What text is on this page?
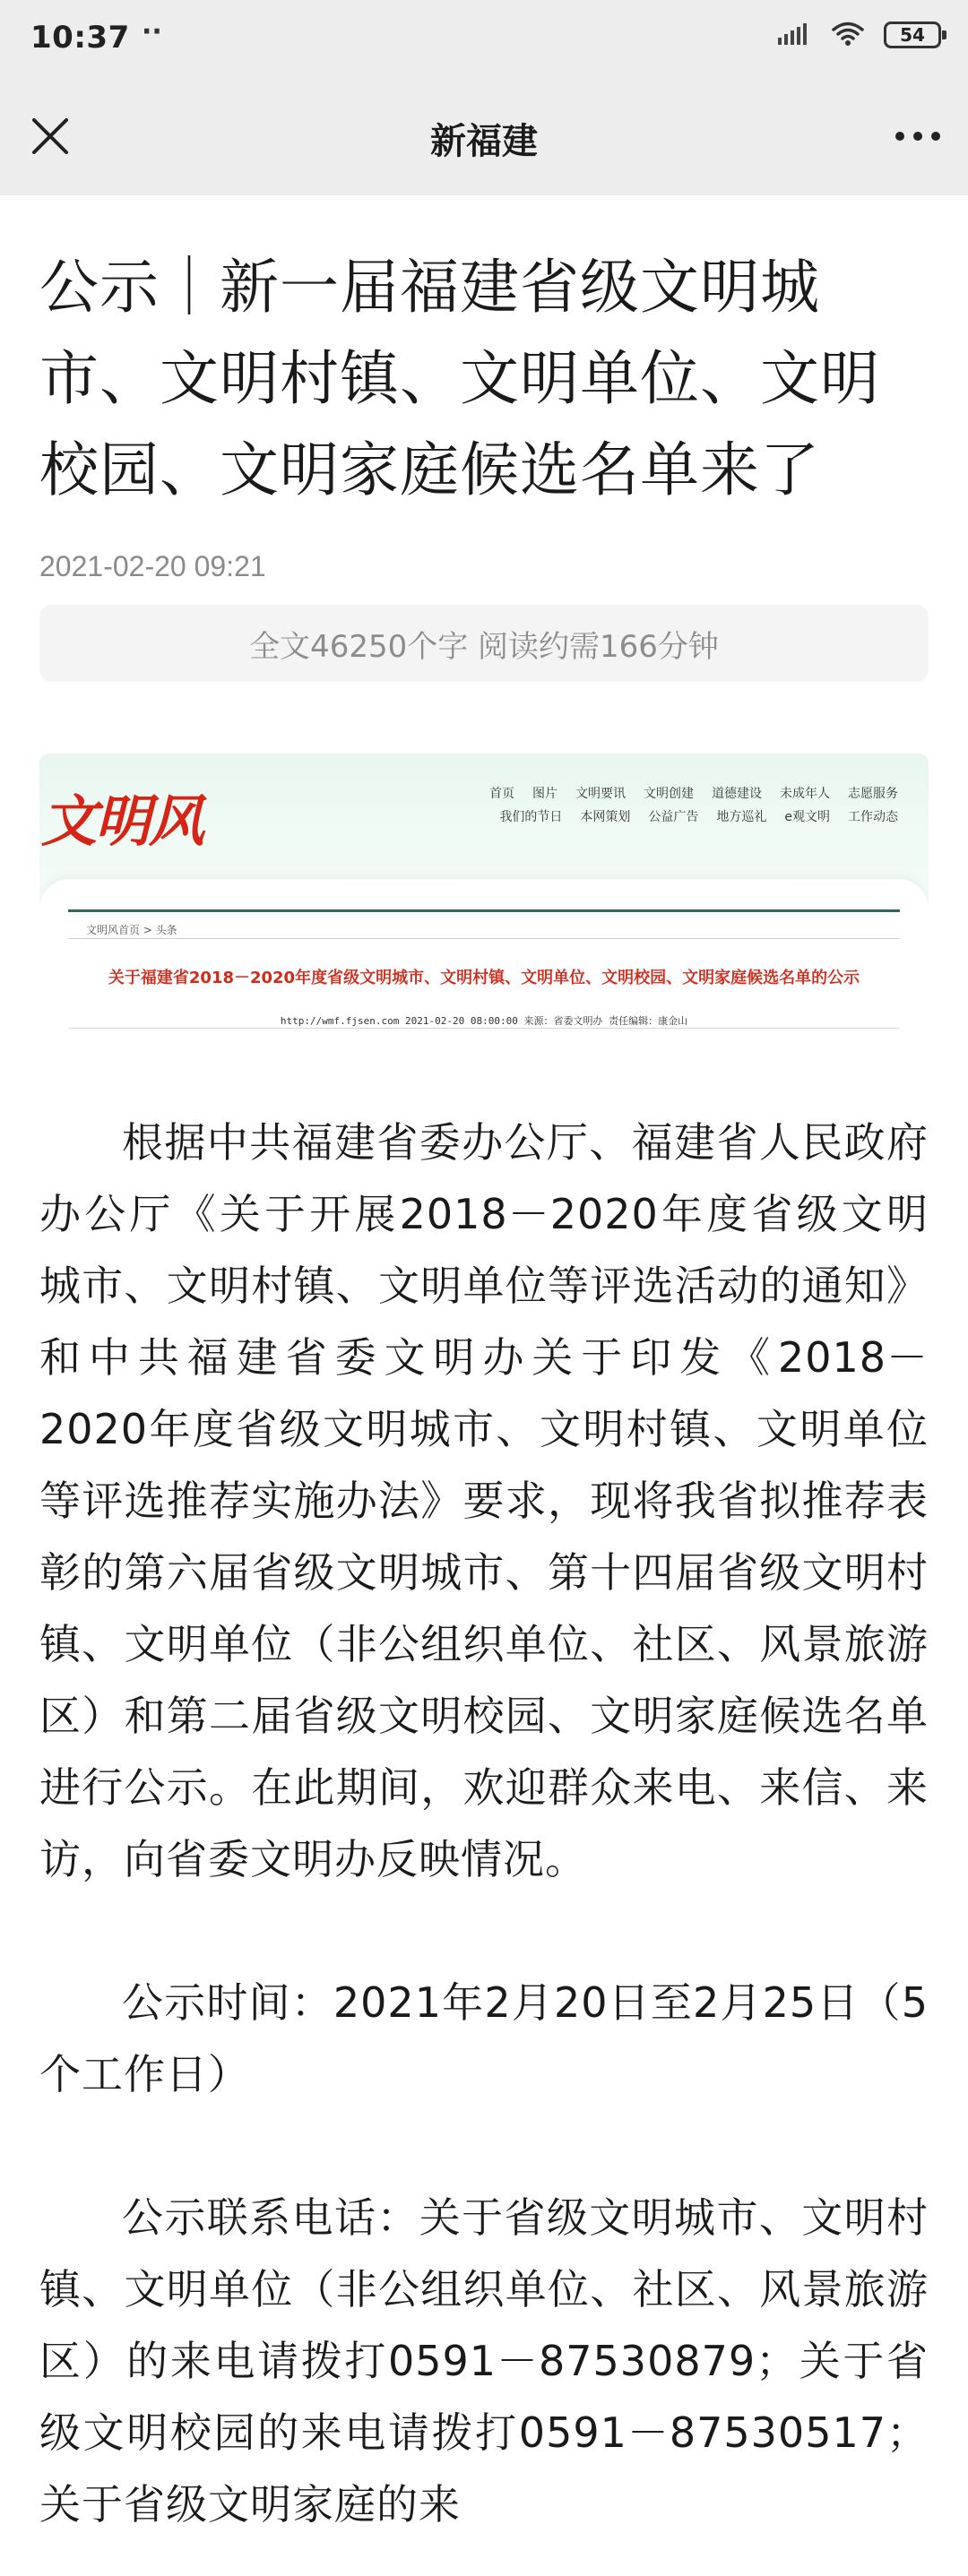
10:37 ··	54
新福建
公示｜新一届福建省级文明城市、文明村镇、文明单位、文明校园、文明家庭候选名单来了
2021-02-20 09:21
全文46250个字 阅读约需166分钟
文明风	首页 图片 文明要讯 文明创建 道德建设 未成年人 志愿服务
我们的节日 本网策划 公益广告 地方巡礼 e观文明 工作动态
文明风首页 > 头条
关于福建省2018－2020年度省级文明城市、文明村镇、文明单位、文明校园、文明家庭候选名单的公示
http://wmf.fjsen.com 2021-02-20 08:00:00 来源：省委文明办 责任编辑：康金山

根据中共福建省委办公厅、福建省人民政府办公厅《关于开展2018－2020年度省级文明城市、文明村镇、文明单位等评选活动的通知》和中共福建省委文明办关于印发《2018－2020年度省级文明城市、文明村镇、文明单位等评选推荐实施办法》要求，现将我省拟推荐表彰的第六届省级文明城市、第十四届省级文明村镇、文明单位（非公组织单位、社区、风景旅游区）和第二届省级文明校园、文明家庭候选名单进行公示。在此期间，欢迎群众来电、来信、来访，向省委文明办反映情况。

公示时间：2021年2月20日至2月25日（5个工作日）

公示联系电话：关于省级文明城市、文明村镇、文明单位（非公组织单位、社区、风景旅游区）的来电请拨打0591－87530879；关于省级文明校园的来电请拨打0591－87530517；关于省级文明家庭的来
